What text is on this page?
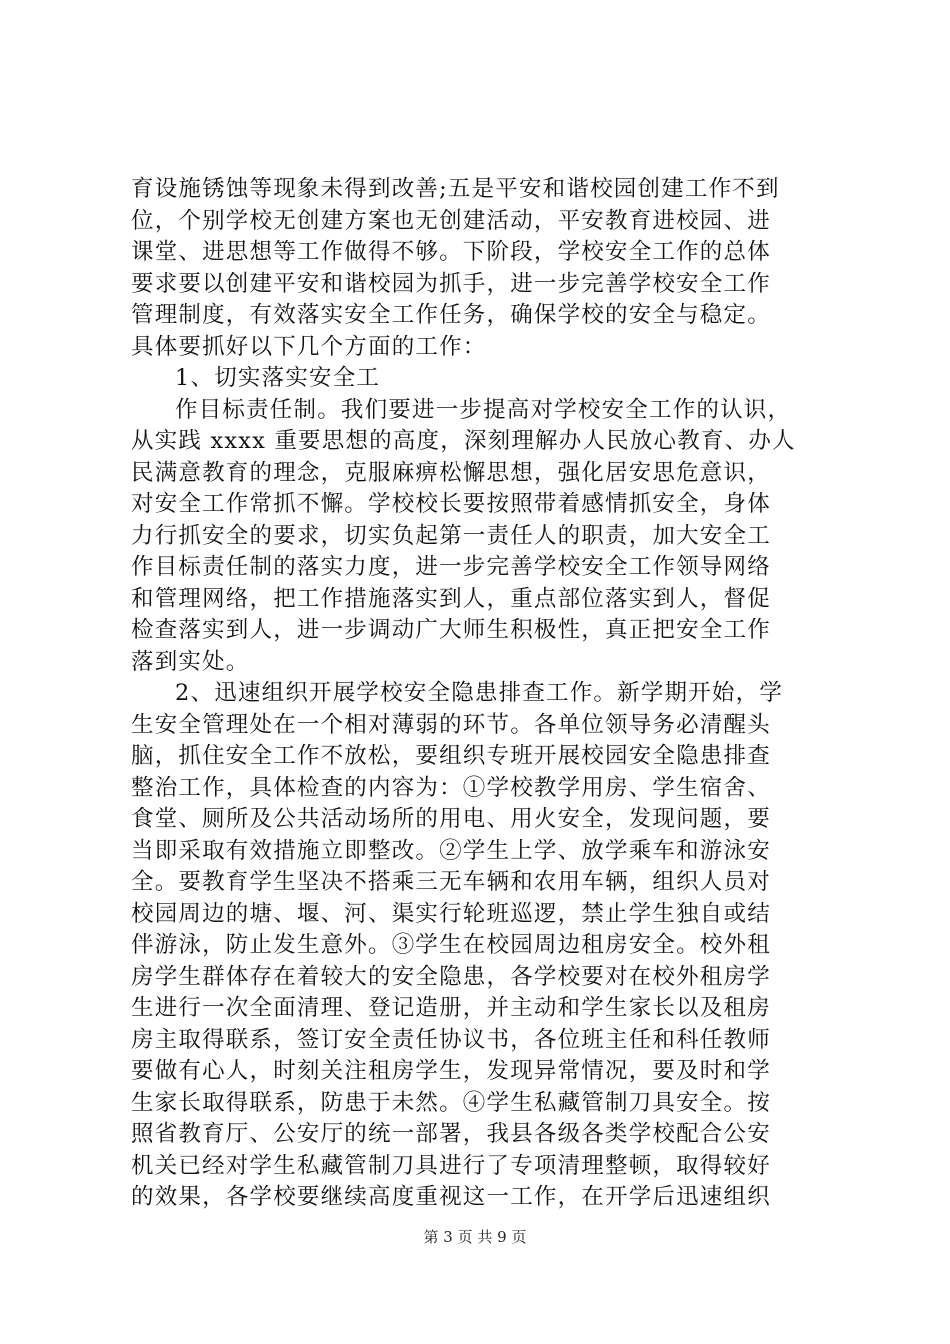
育设施锈蚀等现象未得到改善;五是平安和谐校园创建工作不到
位，个别学校无创建方案也无创建活动，平安教育进校园、进
课堂、进思想等工作做得不够。下阶段，学校安全工作的总体
要求要以创建平安和谐校园为抓手，进一步完善学校安全工作
管理制度，有效落实安全工作任务，确保学校的安全与稳定。
具体要抓好以下几个方面的工作：
1、切实落实安全工
作目标责任制。我们要进一步提高对学校安全工作的认识，
从实践 xxxx 重要思想的高度，深刻理解办人民放心教育、办人
民满意教育的理念，克服麻痹松懈思想，强化居安思危意识，
对安全工作常抓不懈。学校校长要按照带着感情抓安全，身体
力行抓安全的要求，切实负起第一责任人的职责，加大安全工
作目标责任制的落实力度，进一步完善学校安全工作领导网络
和管理网络，把工作措施落实到人，重点部位落实到人，督促
检查落实到人，进一步调动广大师生积极性，真正把安全工作
落到实处。
2、迅速组织开展学校安全隐患排查工作。新学期开始，学
生安全管理处在一个相对薄弱的环节。各单位领导务必清醒头
脑，抓住安全工作不放松，要组织专班开展校园安全隐患排查
整治工作，具体检查的内容为：①学校教学用房、学生宿舍、
食堂、厕所及公共活动场所的用电、用火安全，发现问题，要
当即采取有效措施立即整改。②学生上学、放学乘车和游泳安
全。要教育学生坚决不搭乘三无车辆和农用车辆，组织人员对
校园周边的塘、堰、河、渠实行轮班巡逻，禁止学生独自或结
伴游泳，防止发生意外。③学生在校园周边租房安全。校外租
房学生群体存在着较大的安全隐患，各学校要对在校外租房学
生进行一次全面清理、登记造册，并主动和学生家长以及租房
房主取得联系，签订安全责任协议书，各位班主任和科任教师
要做有心人，时刻关注租房学生，发现异常情况，要及时和学
生家长取得联系，防患于未然。④学生私藏管制刀具安全。按
照省教育厅、公安厅的统一部署，我县各级各类学校配合公安
机关已经对学生私藏管制刀具进行了专项清理整顿，取得较好
的效果，各学校要继续高度重视这一工作，在开学后迅速组织
第 3 页 共 9 页
